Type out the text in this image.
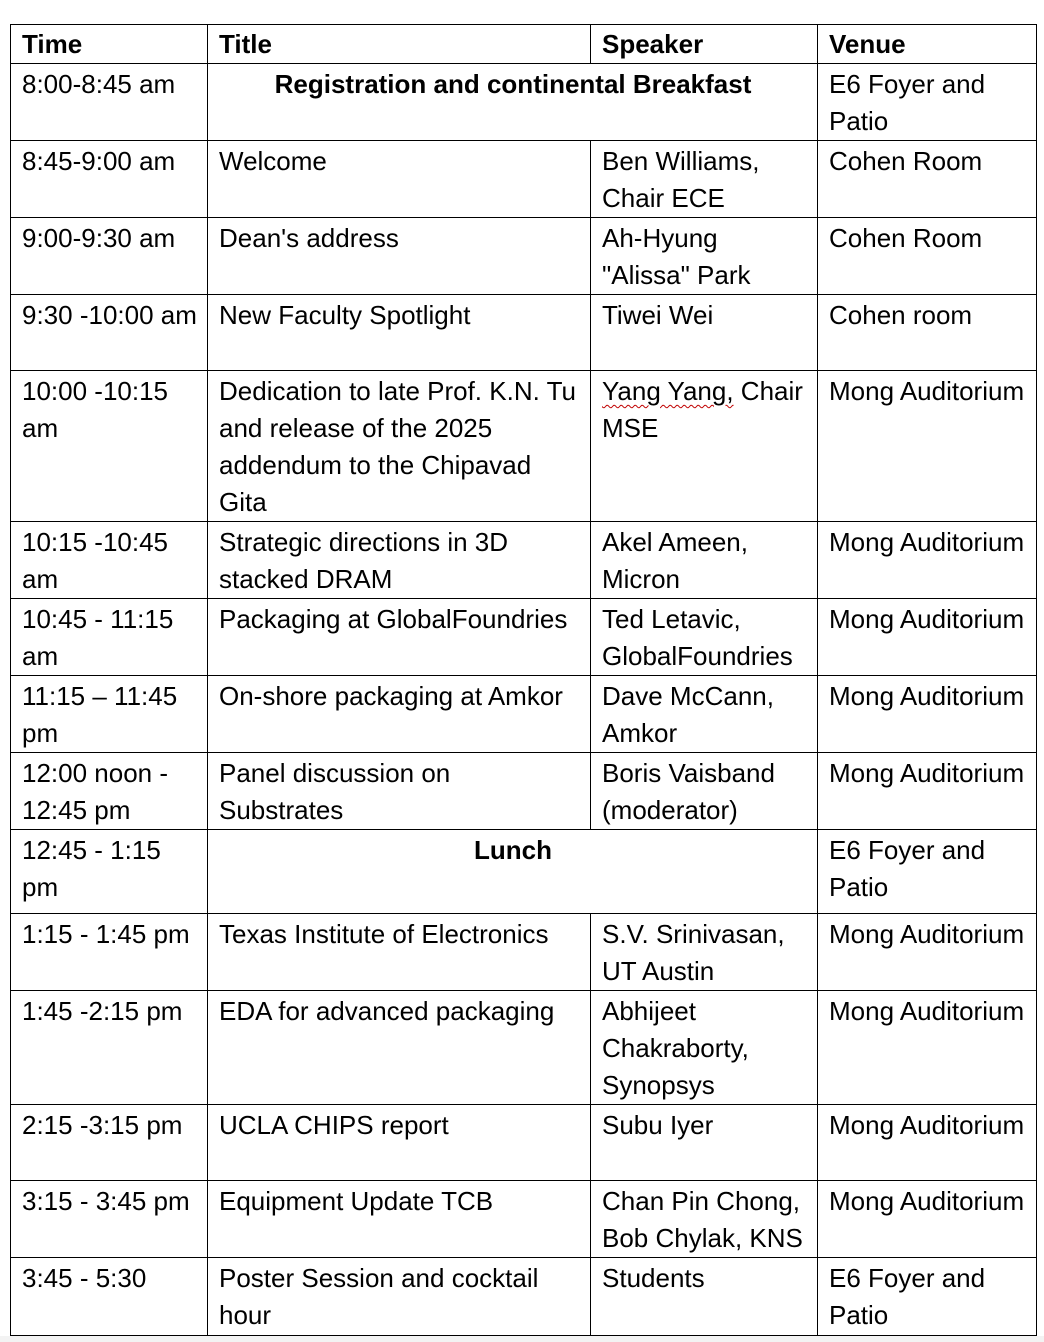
Time	Title	Speaker	Venue
8:00-8:45 am	Registration and continental Breakfast		E6 Foyer and Patio
8:45-9:00 am	Welcome	Ben Williams, Chair ECE	Cohen Room
9:00-9:30 am	Dean's address	Ah-Hyung "Alissa" Park	Cohen Room
9:30 -10:00 am	New Faculty Spotlight	Tiwei Wei	Cohen room
10:00 -10:15 am	Dedication to late Prof. K.N. Tu and release of the 2025 addendum to the Chipavad Gita	Yang Yang, Chair MSE	Mong Auditorium
10:15 -10:45 am	Strategic directions in 3D stacked DRAM	Akel Ameen, Micron	Mong Auditorium
10:45 - 11:15 am	Packaging at GlobalFoundries	Ted Letavic, GlobalFoundries	Mong Auditorium
11:15 – 11:45 pm	On-shore packaging at Amkor	Dave McCann, Amkor	Mong Auditorium
12:00 noon - 12:45 pm	Panel discussion on Substrates	Boris Vaisband (moderator)	Mong Auditorium
12:45 - 1:15 pm	Lunch		E6 Foyer and Patio
1:15 - 1:45 pm	Texas Institute of Electronics	S.V. Srinivasan, UT Austin	Mong Auditorium
1:45 -2:15 pm	EDA for advanced packaging	Abhijeet Chakraborty, Synopsys	Mong Auditorium
2:15 -3:15 pm	UCLA CHIPS report	Subu Iyer	Mong Auditorium
3:15 - 3:45 pm	Equipment Update TCB	Chan Pin Chong, Bob Chylak, KNS	Mong Auditorium
3:45 - 5:30	Poster Session and cocktail hour	Students	E6 Foyer and Patio
